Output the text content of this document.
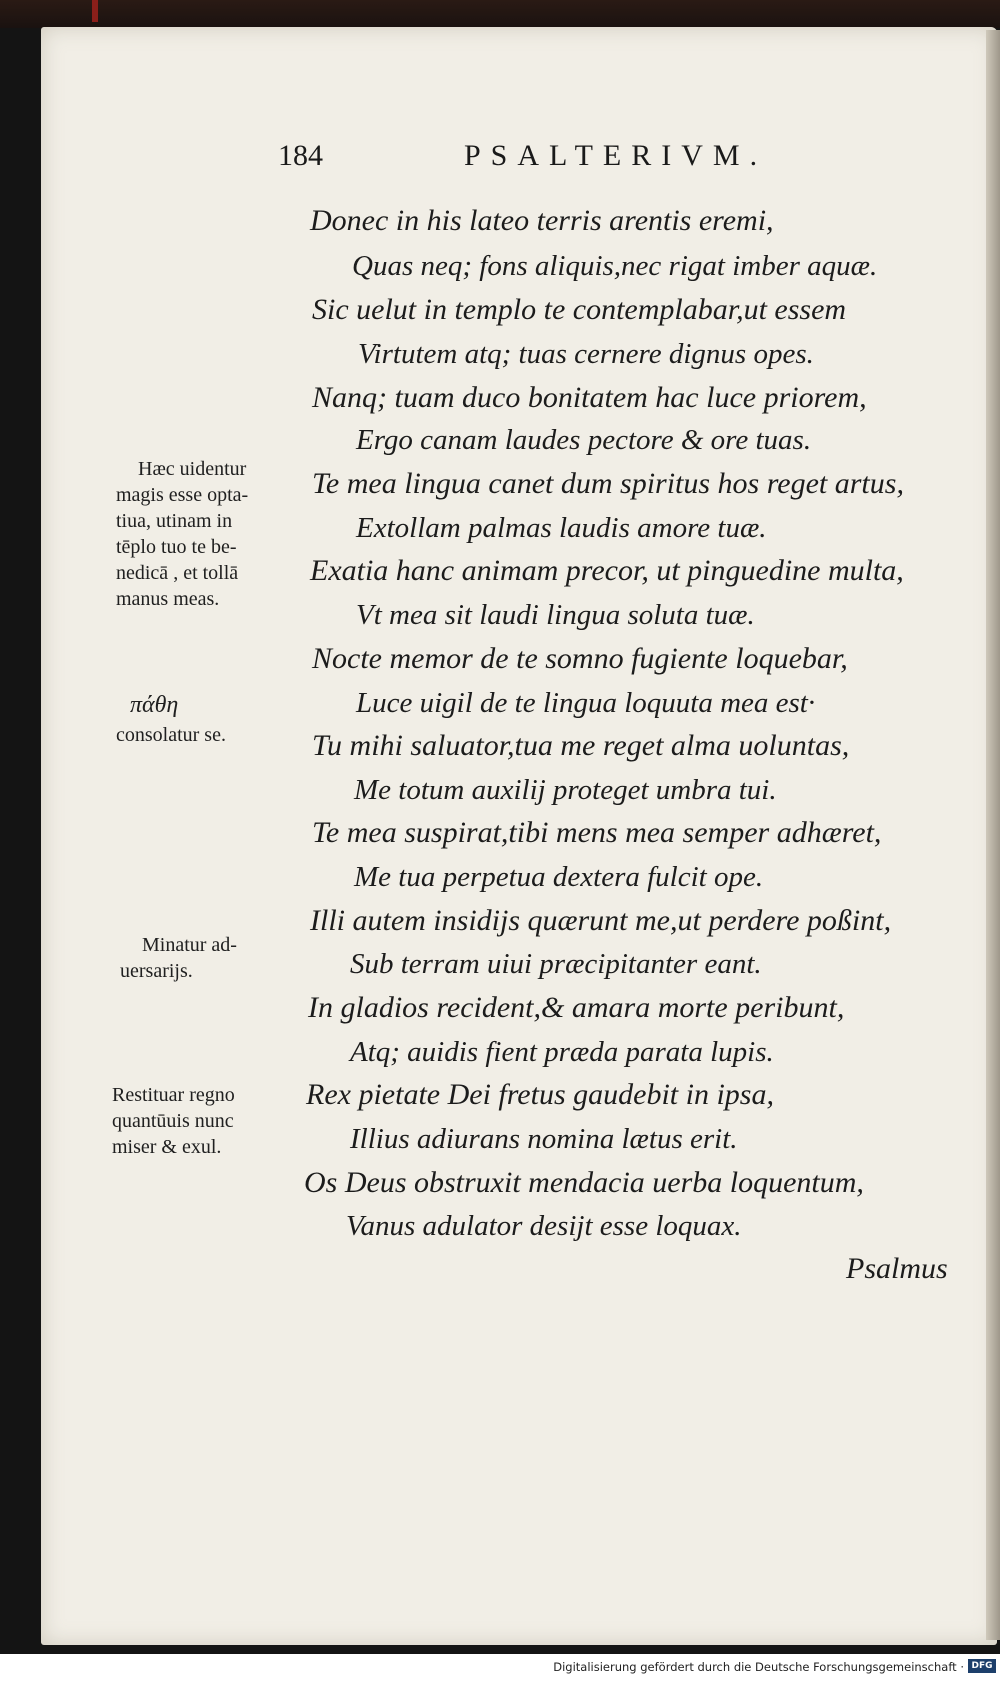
184	PSALTERIVM.
Donec in his lateo terris arentis eremi,
Quas neq; fons aliquis,nec rigat imber aquæ.
Sic uelut in templo te contemplabar,ut essem
Virtutem atq; tuas cernere dignus opes.
Nanq; tuam duco bonitatem hac luce priorem,
Ergo canam laudes pectore & ore tuas.
Te mea lingua canet dum spiritus hos reget artus,
Extollam palmas laudis amore tuæ.
Exatia hanc animam precor, ut pinguedine multa,
Vt mea sit laudi lingua soluta tuæ.
Nocte memor de te somno fugiente loquebar,
Luce uigil de te lingua loquuta mea est·
Tu mihi saluator,tua me reget alma uoluntas,
Me totum auxilij proteget umbra tui.
Te mea suspirat,tibi mens mea semper adhæret,
Me tua perpetua dextera fulcit ope.
Illi autem insidijs quærunt me,ut perdere poßint,
Sub terram uiui præcipitanter eant.
In gladios recident,& amara morte peribunt,
Atq; auidis fient præda parata lupis.
Rex pietate Dei fretus gaudebit in ipsa,
Illius adiurans nomina lætus erit.
Os Deus obstruxit mendacia uerba loquentum,
Vanus adulator desijt esse loquax.
Hæc uidentur
magis esse opta-
tiua, utinam in
tēplo tuo te be-
nedicā , et tollā
manus meas.
πάθη
consolatur se.
Minatur ad-
uersarijs.
Restituar regno
quantūuis nunc
miser & exul.
Psalmus
Digitalisierung gefördert durch die Deutsche Forschungsgemeinschaft · DFG
